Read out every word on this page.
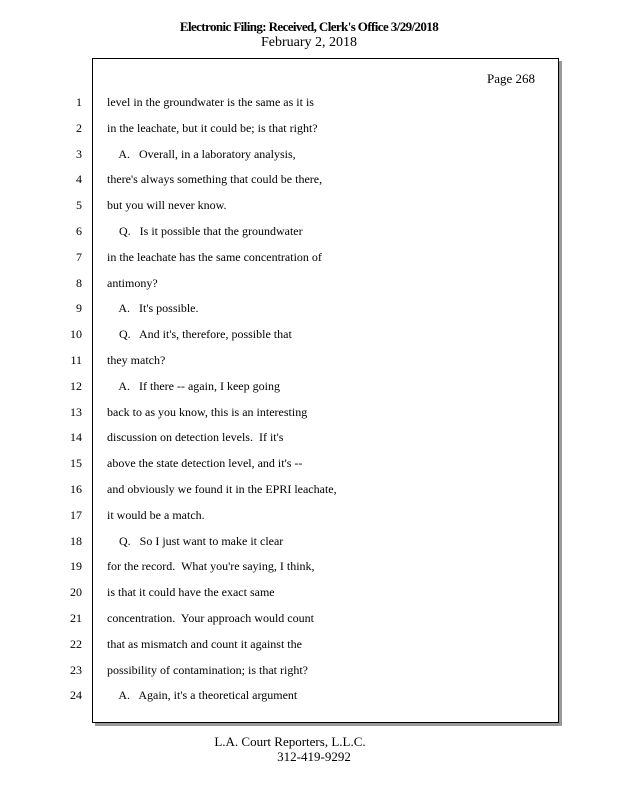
Electronic Filing: Received, Clerk's Office 3/29/2018
February 2, 2018
Page 268
1
2
3
4
5
6
7
8
9
10
11
12
13
14
15
16
17
18
19
20
21
22
23
24
level in the groundwater is the same as it is
in the leachate, but it could be; is that right?
A.   Overall, in a laboratory analysis,
there's always something that could be there,
but you will never know.
Q.   Is it possible that the groundwater
in the leachate has the same concentration of
antimony?
A.   It's possible.
Q.   And it's, therefore, possible that
they match?
A.   If there -- again, I keep going
back to as you know, this is an interesting
discussion on detection levels.  If it's
above the state detection level, and it's --
and obviously we found it in the EPRI leachate,
it would be a match.
Q.   So I just want to make it clear
for the record.  What you're saying, I think,
is that it could have the exact same
concentration.  Your approach would count
that as mismatch and count it against the
possibility of contamination; is that right?
A.   Again, it's a theoretical argument
L.A. Court Reporters, L.L.C.
312-419-9292
